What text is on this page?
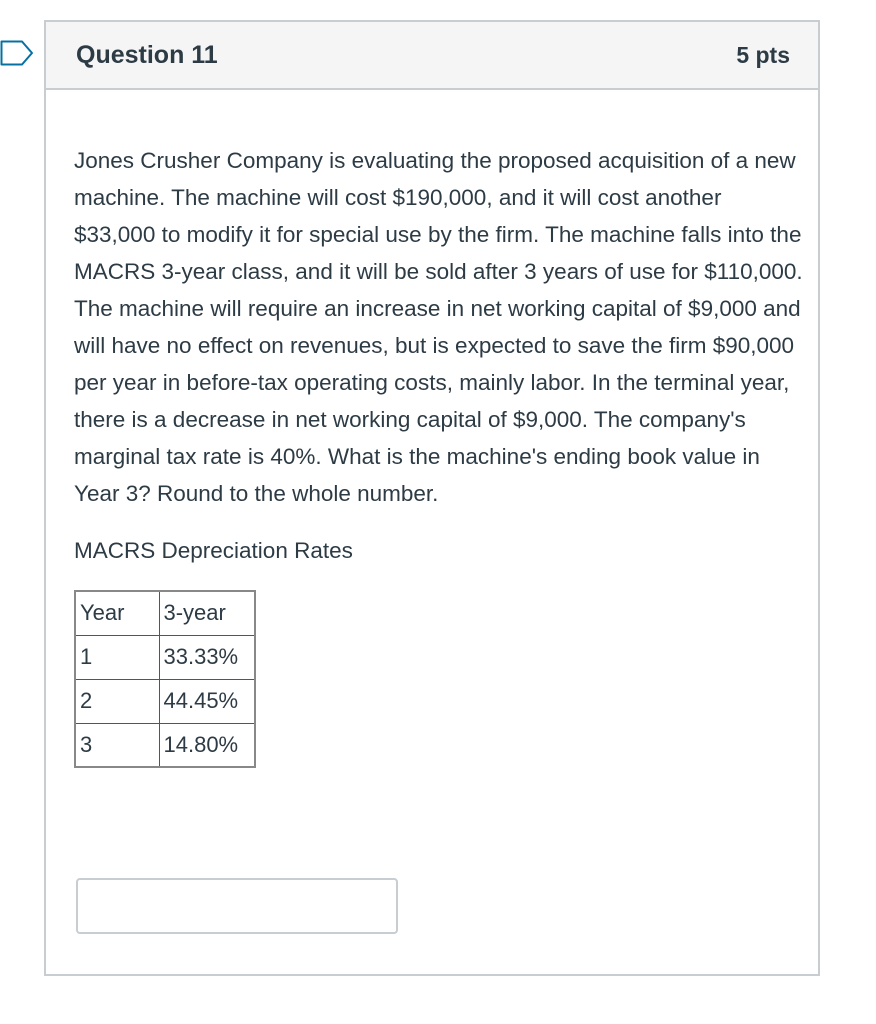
Question 11	5 pts

Jones Crusher Company is evaluating the proposed acquisition of a new machine. The machine will cost $190,000, and it will cost another $33,000 to modify it for special use by the firm. The machine falls into the MACRS 3-year class, and it will be sold after 3 years of use for $110,000. The machine will require an increase in net working capital of $9,000 and will have no effect on revenues, but is expected to save the firm $90,000 per year in before-tax operating costs, mainly labor. In the terminal year, there is a decrease in net working capital of $9,000. The company's marginal tax rate is 40%. What is the machine's ending book value in Year 3? Round to the whole number.

MACRS Depreciation Rates

Year	3-year
1	33.33%
2	44.45%
3	14.80%
